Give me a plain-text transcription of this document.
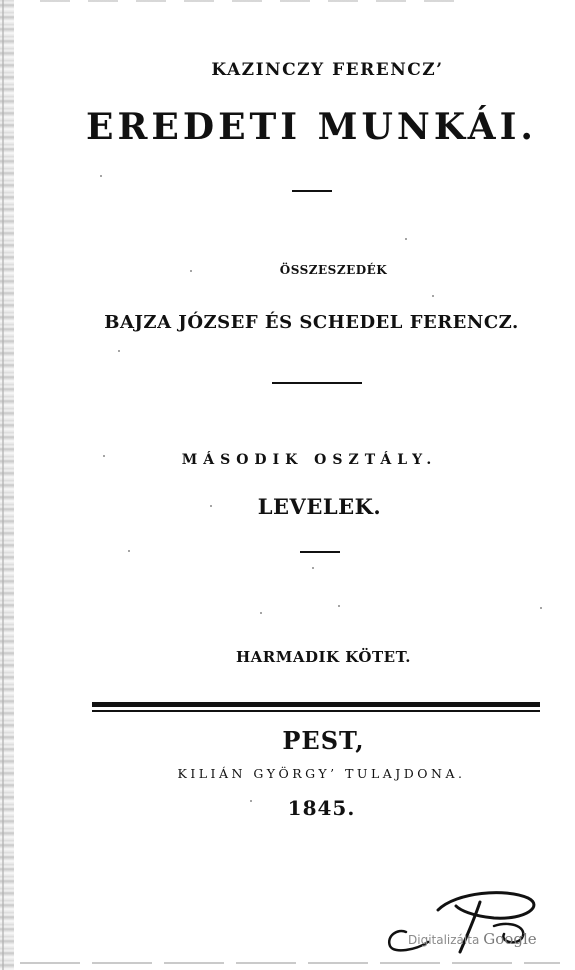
KAZINCZY FERENCZ’
EREDETI MUNKÁI.
ÖSSZESZEDÉK
BAJZA JÓZSEF ÉS SCHEDEL FERENCZ.
MÁSODIK OSZTÁLY.
LEVELEK.
HARMADIK KÖTET.
PEST,
KILIÁN GYÖRGY’ TULAJDONA.
1845.
Digitalizálta Google
